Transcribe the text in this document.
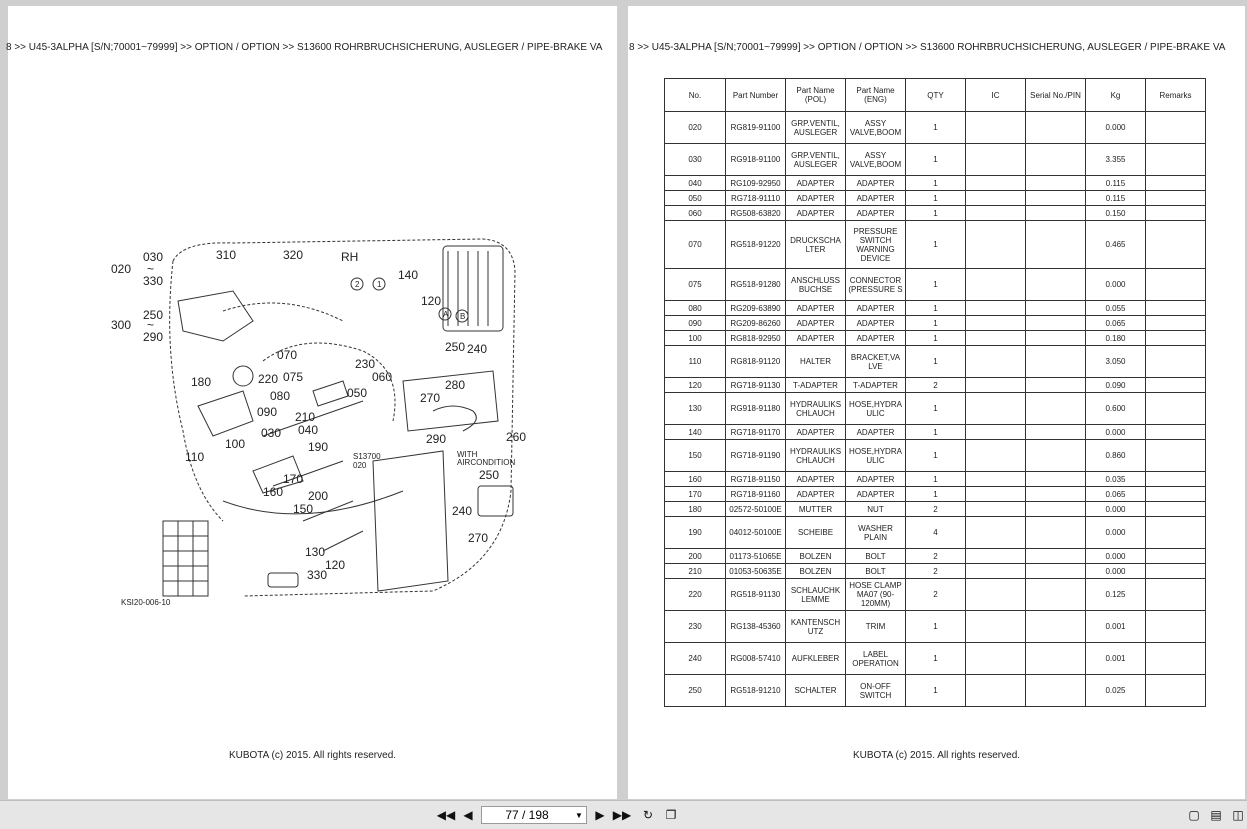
8 >> U45-3ALPHA [S/N;70001~79999] >> OPTION / OPTION >> S13600 ROHRBRUCHSICHERUNG, AUSLEGER / PIPE-BRAKE VA
030
020 ~
330
250
300 ~
290
310	320	RH
140
120
250 240
270
280
260
230
060
050
070
220 075
080
090 210
040
180
030
100
110
190
170
160 200
150
130
120
330
290
250
240
270
S13700
020
WITH
AIRCONDITION
KSI20-006-10
A B
2 1
KUBOTA (c) 2015. All rights reserved.
8 >> U45-3ALPHA [S/N;70001~79999] >> OPTION / OPTION >> S13600 ROHRBRUCHSICHERUNG, AUSLEGER / PIPE-BRAKE VA
No.	Part Number	Part Name (POL)	Part Name (ENG)	QTY	IC	Serial No./PIN	Kg	Remarks
020	RG819-91100	GRP.VENTIL, AUSLEGER	ASSY VALVE,BOOM	1			0.000	
030	RG918-91100	GRP.VENTIL, AUSLEGER	ASSY VALVE,BOOM	1			3.355	
040	RG109-92950	ADAPTER	ADAPTER	1			0.115	
050	RG718-91110	ADAPTER	ADAPTER	1			0.115	
060	RG508-63820	ADAPTER	ADAPTER	1			0.150	
070	RG518-91220	DRUCKSCHA LTER	PRESSURE SWITCH WARNING DEVICE	1			0.465	
075	RG518-91280	ANSCHLUSS BUCHSE	CONNECTOR (PRESSURE S	1			0.000	
080	RG209-63890	ADAPTER	ADAPTER	1			0.055	
090	RG209-86260	ADAPTER	ADAPTER	1			0.065	
100	RG818-92950	ADAPTER	ADAPTER	1			0.180	
110	RG818-91120	HALTER	BRACKET,VA LVE	1			3.050	
120	RG718-91130	T-ADAPTER	T-ADAPTER	2			0.090	
130	RG918-91180	HYDRAULIKS CHLAUCH	HOSE,HYDRA ULIC	1			0.600	
140	RG718-91170	ADAPTER	ADAPTER	1			0.000	
150	RG718-91190	HYDRAULIKS CHLAUCH	HOSE,HYDRA ULIC	1			0.860	
160	RG718-91150	ADAPTER	ADAPTER	1			0.035	
170	RG718-91160	ADAPTER	ADAPTER	1			0.065	
180	02572-50100E	MUTTER	NUT	2			0.000	
190	04012-50100E	SCHEIBE	WASHER PLAIN	4			0.000	
200	01173-51065E	BOLZEN	BOLT	2			0.000	
210	01053-50635E	BOLZEN	BOLT	2			0.000	
220	RG518-91130	SCHLAUCHK LEMME	HOSE CLAMP MA07 (90-120MM)	2			0.125	
230	RG138-45360	KANTENSCH UTZ	TRIM	1			0.001	
240	RG008-57410	AUFKLEBER	LABEL OPERATION	1			0.001	
250	RG518-91210	SCHALTER	ON-OFF SWITCH	1			0.025	
KUBOTA (c) 2015. All rights reserved.
◀◀ ◀	77 / 198	▼ ▶ ▶▶ ↻ ❐	▢ ▤ ◫
